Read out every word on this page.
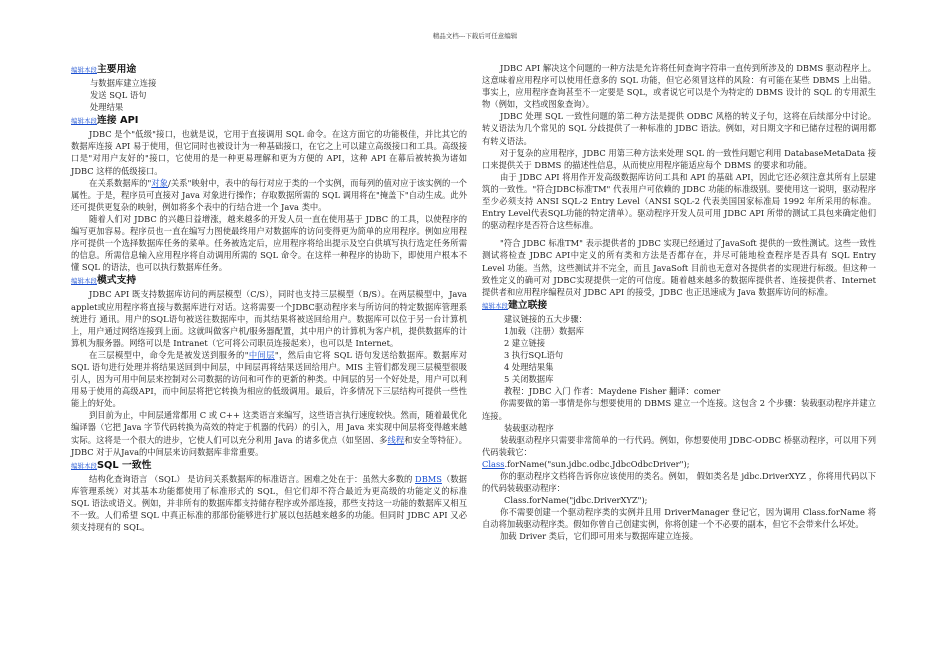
精品文档---下载后可任意编辑
编辑本段主要用途

与数据库建立连接

发送 SQL 语句

处理结果

编辑本段连接 API

JDBC 是个"低级"接口，也就是说，它用于直接调用 SQL 命令。在这方面它的功能极佳，并比其它的数据库连接 API 易于使用，但它同时也被设计为一种基础接口，在它之上可以建立高级接口和工具。高级接口是"对用户友好的"接口，它使用的是一种更易理解和更为方便的 API，这种 API 在幕后被转换为诸如 JDBC 这样的低级接口。

在关系数据库的"对象/关系"映射中，表中的每行对应于类的一个实例，而每列的值对应于该实例的一个属性。于是，程序员可直接对 Java 对象进行操作；存取数据所需的 SQL 调用将在"掩盖下"自动生成。此外还可提供更复杂的映射，例如将多个表中的行结合进一个 Java 类中。

随着人们对 JDBC 的兴趣日益增涨，越来越多的开发人员一直在使用基于 JDBC 的工具，以使程序的编写更加容易。程序员也一直在编写力图使最终用户对数据库的访问变得更为简单的应用程序。例如应用程序可提供一个选择数据库任务的菜单。任务被选定后，应用程序将给出提示及空白供填写执行选定任务所需的信息。所需信息输入应用程序将自动调用所需的 SQL 命令。在这样一种程序的协助下，即使用户根本不懂 SQL 的语法，也可以执行数据库任务。

编辑本段模式支持

JDBC API 既支持数据库访问的两层模型（C/S），同时也支持三层模型（B/S）。在两层模型中，Java applet或应用程序将直接与数据库进行对话。这将需要一个JDBC驱动程序来与所访问的特定数据库管理系统进行 通讯。用户的SQL语句被送往数据库中，而其结果将被送回给用户。数据库可以位于另一台计算机上，用户通过网络连接到上面。这就叫做客户机/服务器配置，其中用户的计算机为客户机，提供数据库的计算机为服务器。网络可以是 Intranet（它可将公司职员连接起来），也可以是 Internet。

在三层模型中，命令先是被发送到服务的"中间层"，然后由它将 SQL 语句发送给数据库。数据库对 SQL 语句进行处理并将结果送回到中间层，中间层再将结果送回给用户。MIS 主管们都发现三层模型很吸引人，因为可用中间层来控制对公司数据的访问和可作的更新的种类。中间层的另一个好处是，用户可以利用易于使用的高级API，而中间层将把它转换为相应的低级调用。最后，许多情况下三层结构可提供一些性能上的好处。

到目前为止，中间层通常都用 C 或 C++ 这类语言来编写，这些语言执行速度较快。然而，随着最优化编译器（它把 Java 字节代码转换为高效的特定于机器的代码）的引入，用 Java 来实现中间层将变得越来越实际。这将是一个很大的进步，它使人们可以充分利用 Java 的诸多优点（如坚固、多线程和安全等特征）。JDBC 对于从Java的中间层来访问数据库非常重要。

编辑本段SQL 一致性

结构化查询语言 （SQL） 是访问关系数据库的标准语言。困难之处在于：虽然大多数的 DBMS（数据库管理系统）对其基本功能都使用了标准形式的 SQL，但它们却不符合最近为更高级的功能定义的标准 SQL 语法或语义。例如，并非所有的数据库都支持储存程序或外部连接，那些支持这一功能的数据库又相互不一致。人们希望 SQL 中真正标准的那部份能够进行扩展以包括越来越多的功能。但同时 JDBC API 又必须支持现有的 SQL。

JDBC API 解决这个问题的一种方法是允许将任何查询字符串一直传到所涉及的 DBMS 驱动程序上。这意味着应用程序可以使用任意多的 SQL 功能，但它必须冒这样的风险：有可能在某些 DBMS 上出错。事实上，应用程序查询甚至不一定要是 SQL，或者说它可以是个为特定的 DBMS 设计的 SQL 的专用派生物（例如，文档或图象查询）。

JDBC 处理 SQL 一致性问题的第二种方法是提供 ODBC 风格的转义子句，这将在后续部分中讨论。转义语法为几个常见的 SQL 分歧提供了一种标准的 JDBC 语法。例如，对日期文字和已储存过程的调用都有转义语法。

对于复杂的应用程序，JDBC 用第三种方法来处理 SQL 的一致性问题它利用 DatabaseMetaData 接口来提供关于 DBMS 的描述性信息，从而使应用程序能适应每个 DBMS 的要求和功能。

由于 JDBC API 将用作开发高级数据库访问工具和 API 的基础 API，因此它还必须注意其所有上层建筑的一致性。"符合JDBC标准TM" 代表用户可依赖的 JDBC 功能的标准级别。要使用这一说明，驱动程序至少必须支持 ANSI SQL-2 Entry Level（ANSI SQL-2 代表美国国家标准局 1992 年所采用的标准。Entry Level代表SQL功能的特定清单）。驱动程序开发人员可用 JDBC API 所带的测试工具包来确定他们的驱动程序是否符合这些标准。

"符合 JDBC 标准TM" 表示提供者的 JDBC 实现已经通过了JavaSoft 提供的一致性测试。这些一致性测试将检查 JDBC API中定义的所有类和方法是否都存在，并尽可能地检查程序是否具有 SQL Entry Level 功能。当然，这些测试并不完全，而且 JavaSoft 目前也无意对各提供者的实现进行标级。但这种一致性定义的确可对 JDBC实现提供一定的可信度。随着越来越多的数据库提供者、连接提供者、Internet 提供者和应用程序编程员对 JDBC API 的接受，JDBC 也正迅速成为 Java 数据库访问的标准。

编辑本段建立联接

建议链接的五大步骤：

1加载（注册）数据库

2 建立链接

3 执行SQL语句

4 处理结果集

5 关闭数据库

教程：JDBC 入门 作者：Maydene Fisher 翻译：comer

你需要做的第一事情是你与想要使用的 DBMS 建立一个连接。这包含 2 个步骤：装载驱动程序并建立连接。

装载驱动程序

装载驱动程序只需要非常简单的一行代码。例如，你想要使用 JDBC-ODBC 桥驱动程序，可以用下列代码装载它：

Class.forName("sun.jdbc.odbc.JdbcOdbcDriver");

你的驱动程序文档将告诉你应该使用的类名。例如， 假如类名是 jdbc.DriverXYZ ，你将用代码以下的代码装载驱动程序：

Class.forName("jdbc.DriverXYZ");

你不需要创建一个驱动程序类的实例并且用 DriverManager 登记它，因为调用 Class.forName 将自动将加载驱动程序类。假如你曾自己创建实例，你将创建一个不必要的副本，但它不会带来什么坏处。

加载 Driver 类后，它们即可用来与数据库建立连接。
